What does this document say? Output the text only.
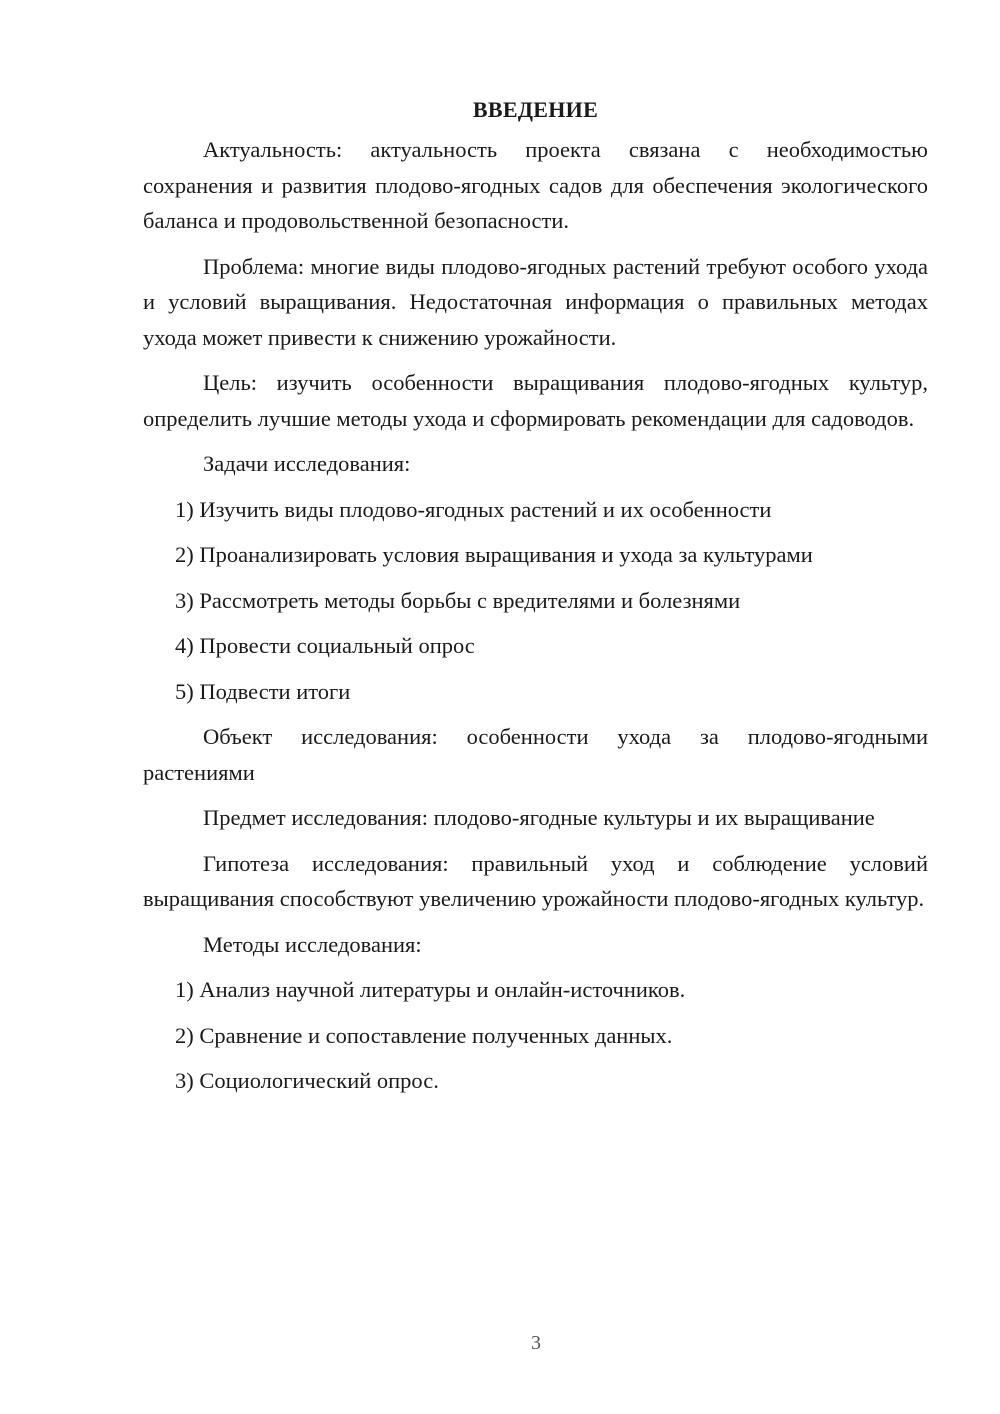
ВВЕДЕНИЕ

Актуальность: актуальность проекта связана с необходимостью сохранения и развития плодово-ягодных садов для обеспечения экологического баланса и продовольственной безопасности.

Проблема: многие виды плодово-ягодных растений требуют особого ухода и условий выращивания. Недостаточная информация о правильных методах ухода может привести к снижению урожайности.

Цель: изучить особенности выращивания плодово-ягодных культур, определить лучшие методы ухода и сформировать рекомендации для садоводов.

Задачи исследования:

1) Изучить виды плодово-ягодных растений и их особенности
2) Проанализировать условия выращивания и ухода за культурами
3) Рассмотреть методы борьбы с вредителями и болезнями
4) Провести социальный опрос
5) Подвести итоги

Объект исследования: особенности ухода за плодово-ягодными растениями

Предмет исследования: плодово-ягодные культуры и их выращивание

Гипотеза исследования: правильный уход и соблюдение условий выращивания способствуют увеличению урожайности плодово-ягодных культур.

Методы исследования:

1) Анализ научной литературы и онлайн-источников.
2) Сравнение и сопоставление полученных данных.
3) Социологический опрос.
3
